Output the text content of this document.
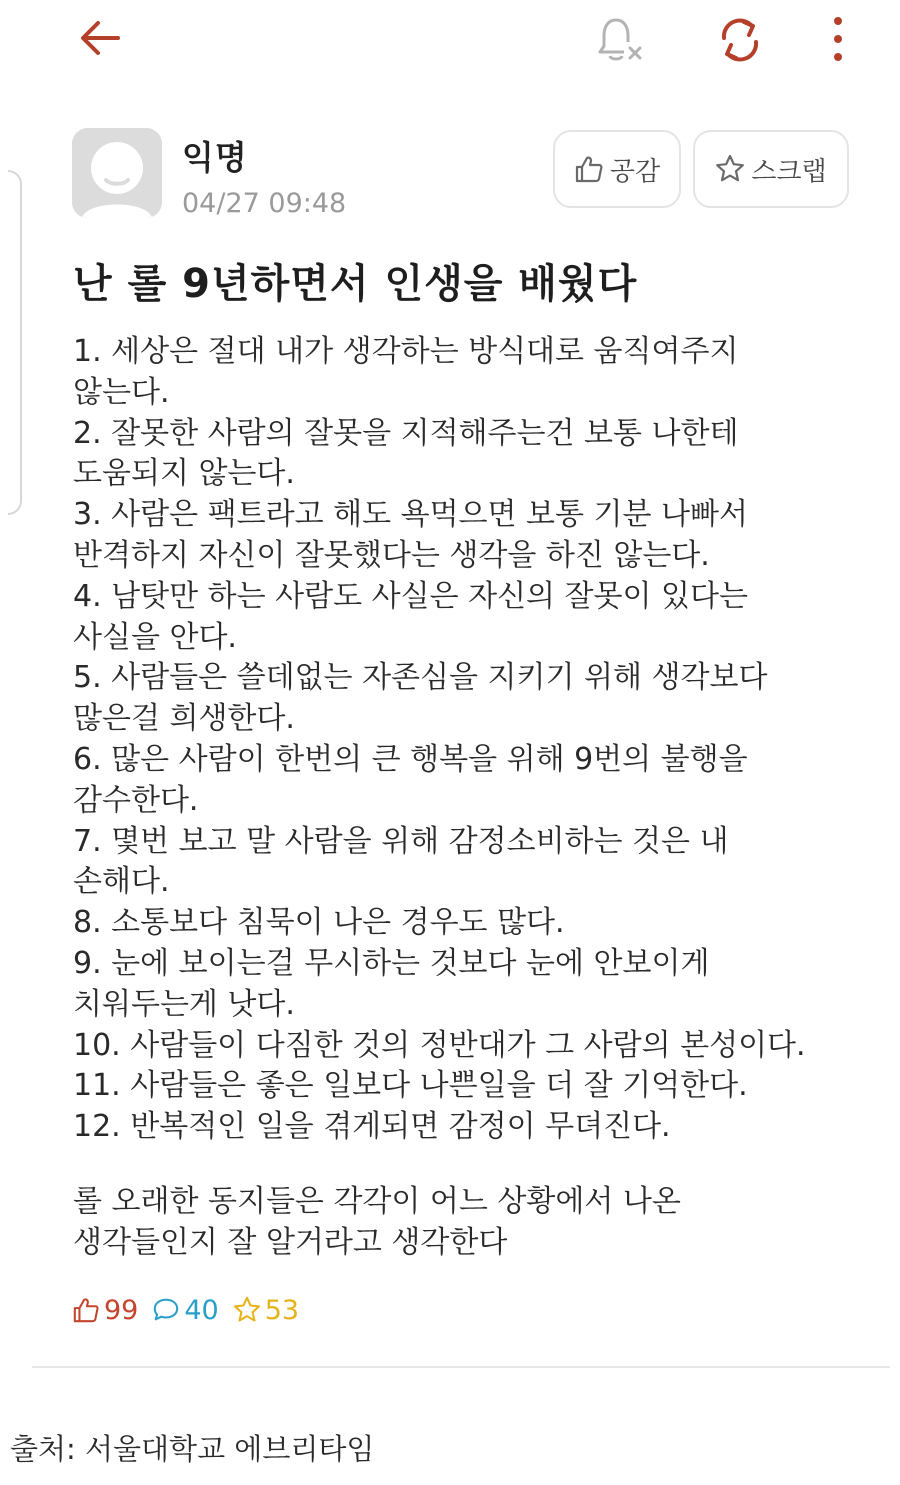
익명
04/27 09:48
공감	스크랩
난 롤 9년하면서 인생을 배웠다
1. 세상은 절대 내가 생각하는 방식대로 움직여주지
않는다.
2. 잘못한 사람의 잘못을 지적해주는건 보통 나한테
도움되지 않는다.
3. 사람은 팩트라고 해도 욕먹으면 보통 기분 나빠서
반격하지 자신이 잘못했다는 생각을 하진 않는다.
4. 남탓만 하는 사람도 사실은 자신의 잘못이 있다는
사실을 안다.
5. 사람들은 쓸데없는 자존심을 지키기 위해 생각보다
많은걸 희생한다.
6. 많은 사람이 한번의 큰 행복을 위해 9번의 불행을
감수한다.
7. 몇번 보고 말 사람을 위해 감정소비하는 것은 내
손해다.
8. 소통보다 침묵이 나은 경우도 많다.
9. 눈에 보이는걸 무시하는 것보다 눈에 안보이게
치워두는게 낫다.
10. 사람들이 다짐한 것의 정반대가 그 사람의 본성이다.
11. 사람들은 좋은 일보다 나쁜일을 더 잘 기억한다.
12. 반복적인 일을 겪게되면 감정이 무뎌진다.
롤 오래한 동지들은 각각이 어느 상황에서 나온
생각들인지 잘 알거라고 생각한다
99 40 53
출처: 서울대학교 에브리타임
